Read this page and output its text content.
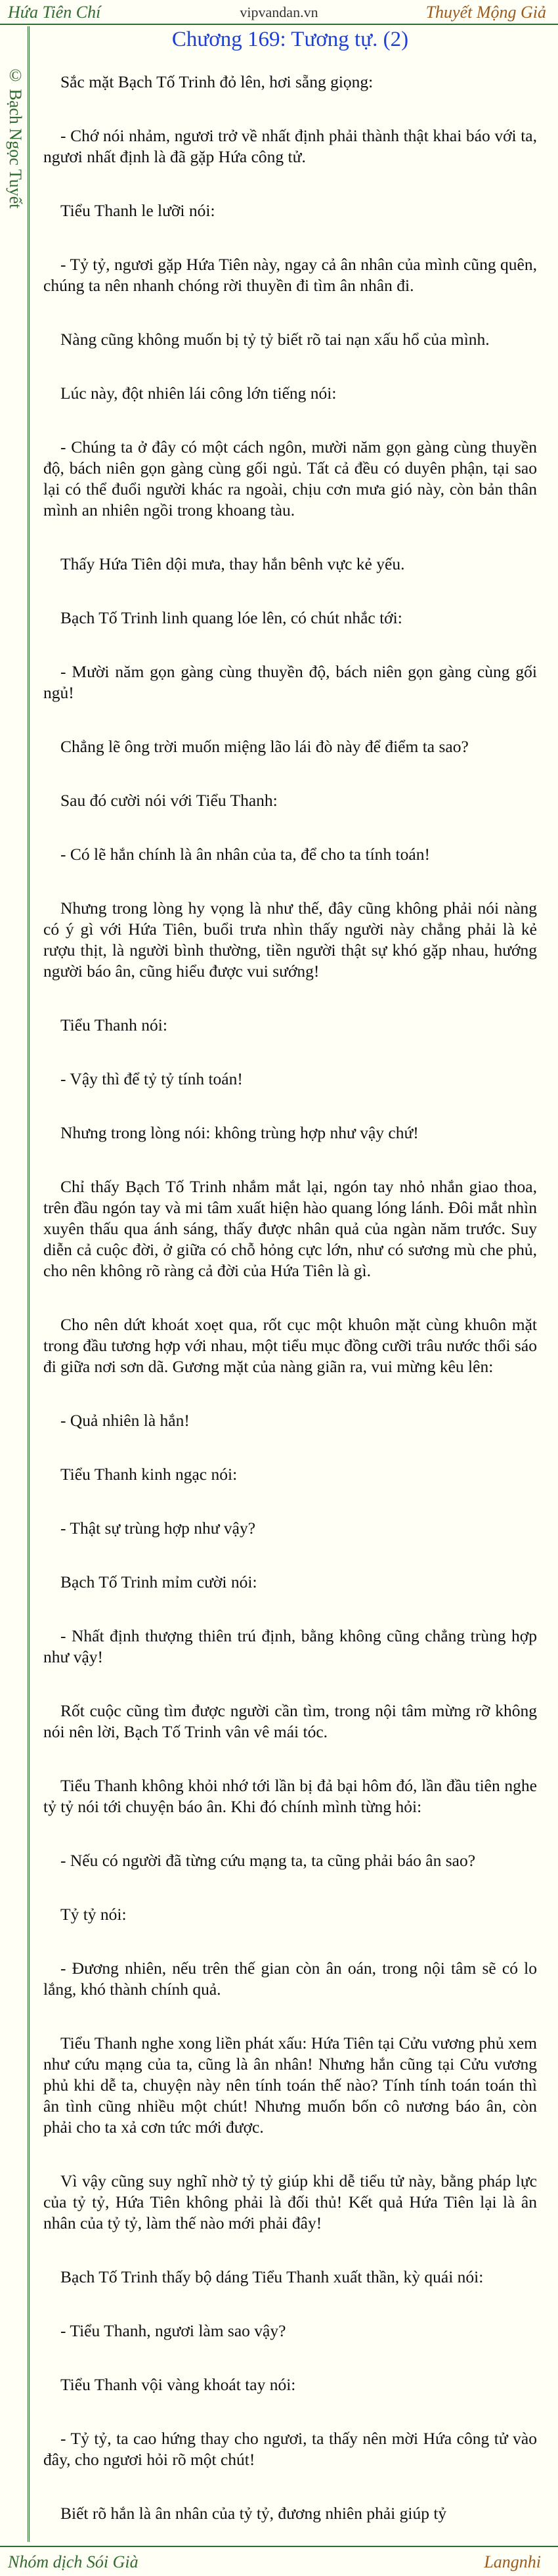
vipvandan.vn
Hứa Tiên Chí	Thuyết Mộng Giả
© Bạch Ngọc Tuyết
Chương 169: Tương tự. (2)

Sắc mặt Bạch Tố Trinh đỏ lên, hơi sẵng giọng:

- Chớ nói nhảm, ngươi trở về nhất định phải thành thật khai báo với ta, ngươi nhất định là đã gặp Hứa công tử.

Tiểu Thanh le lưỡi nói:

- Tỷ tỷ, ngươi gặp Hứa Tiên này, ngay cả ân nhân của mình cũng quên, chúng ta nên nhanh chóng rời thuyền đi tìm ân nhân đi.

Nàng cũng không muốn bị tỷ tỷ biết rõ tai nạn xấu hổ của mình.

Lúc này, đột nhiên lái công lớn tiếng nói:

- Chúng ta ở đây có một cách ngôn, mười năm gọn gàng cùng thuyền độ, bách niên gọn gàng cùng gối ngủ. Tất cả đều có duyên phận, tại sao lại có thể đuổi người khác ra ngoài, chịu cơn mưa gió này, còn bản thân mình an nhiên ngồi trong khoang tàu.

Thấy Hứa Tiên dội mưa, thay hắn bênh vực kẻ yếu.

Bạch Tố Trinh linh quang lóe lên, có chút nhắc tới:

- Mười năm gọn gàng cùng thuyền độ, bách niên gọn gàng cùng gối ngủ!

Chẳng lẽ ông trời muốn miệng lão lái đò này để điểm ta sao?

Sau đó cười nói với Tiểu Thanh:

- Có lẽ hắn chính là ân nhân của ta, để cho ta tính toán!

Nhưng trong lòng hy vọng là như thế, đây cũng không phải nói nàng có ý gì với Hứa Tiên, buổi trưa nhìn thấy người này chẳng phải là kẻ rượu thịt, là người bình thường, tiền người thật sự khó gặp nhau, hướng người báo ân, cũng hiểu được vui sướng!

Tiểu Thanh nói:

- Vậy thì để tỷ tỷ tính toán!

Nhưng trong lòng nói: không trùng hợp như vậy chứ!

Chỉ thấy Bạch Tố Trinh nhắm mắt lại, ngón tay nhỏ nhắn giao thoa, trên đầu ngón tay và mi tâm xuất hiện hào quang lóng lánh. Đôi mắt nhìn xuyên thấu qua ánh sáng, thấy được nhân quả của ngàn năm trước. Suy diễn cả cuộc đời, ở giữa có chỗ hỏng cực lớn, như có sương mù che phủ, cho nên không rõ ràng cả đời của Hứa Tiên là gì.

Cho nên dứt khoát xoẹt qua, rốt cục một khuôn mặt cùng khuôn mặt trong đầu tương hợp với nhau, một tiểu mục đồng cưỡi trâu nước thổi sáo đi giữa nơi sơn dã. Gương mặt của nàng giãn ra, vui mừng kêu lên:

- Quả nhiên là hắn!

Tiểu Thanh kinh ngạc nói:

- Thật sự trùng hợp như vậy?

Bạch Tố Trinh mỉm cười nói:

- Nhất định thượng thiên trú định, bằng không cũng chẳng trùng hợp như vậy!

Rốt cuộc cũng tìm được người cần tìm, trong nội tâm mừng rỡ không nói nên lời, Bạch Tố Trinh vân vê mái tóc.

Tiểu Thanh không khỏi nhớ tới lần bị đả bại hôm đó, lần đầu tiên nghe tỷ tỷ nói tới chuyện báo ân. Khi đó chính mình từng hỏi:

- Nếu có người đã từng cứu mạng ta, ta cũng phải báo ân sao?

Tỷ tỷ nói:

- Đương nhiên, nếu trên thế gian còn ân oán, trong nội tâm sẽ có lo lắng, khó thành chính quả.

Tiểu Thanh nghe xong liền phát xấu: Hứa Tiên tại Cửu vương phủ xem như cứu mạng của ta, cũng là ân nhân! Nhưng hắn cũng tại Cửu vương phủ khi dễ ta, chuyện này nên tính toán thế nào? Tính tính toán toán thì ân tình cũng nhiều một chút! Nhưng muốn bốn cô nương báo ân, còn phải cho ta xả cơn tức mới được.

Vì vậy cũng suy nghĩ nhờ tỷ tỷ giúp khi dễ tiểu tử này, bằng pháp lực của tỷ tỷ, Hứa Tiên không phải là đối thủ! Kết quả Hứa Tiên lại là ân nhân của tỷ tỷ, làm thế nào mới phải đây!

Bạch Tố Trinh thấy bộ dáng Tiểu Thanh xuất thần, kỳ quái nói:

- Tiểu Thanh, ngươi làm sao vậy?

Tiểu Thanh vội vàng khoát tay nói:

- Tỷ tỷ, ta cao hứng thay cho ngươi, ta thấy nên mời Hứa công tử vào đây, cho ngươi hỏi rõ một chút!

Biết rõ hắn là ân nhân của tỷ tỷ, đương nhiên phải giúp tỷ

Nhóm dịch Sói Già	Langnhi
